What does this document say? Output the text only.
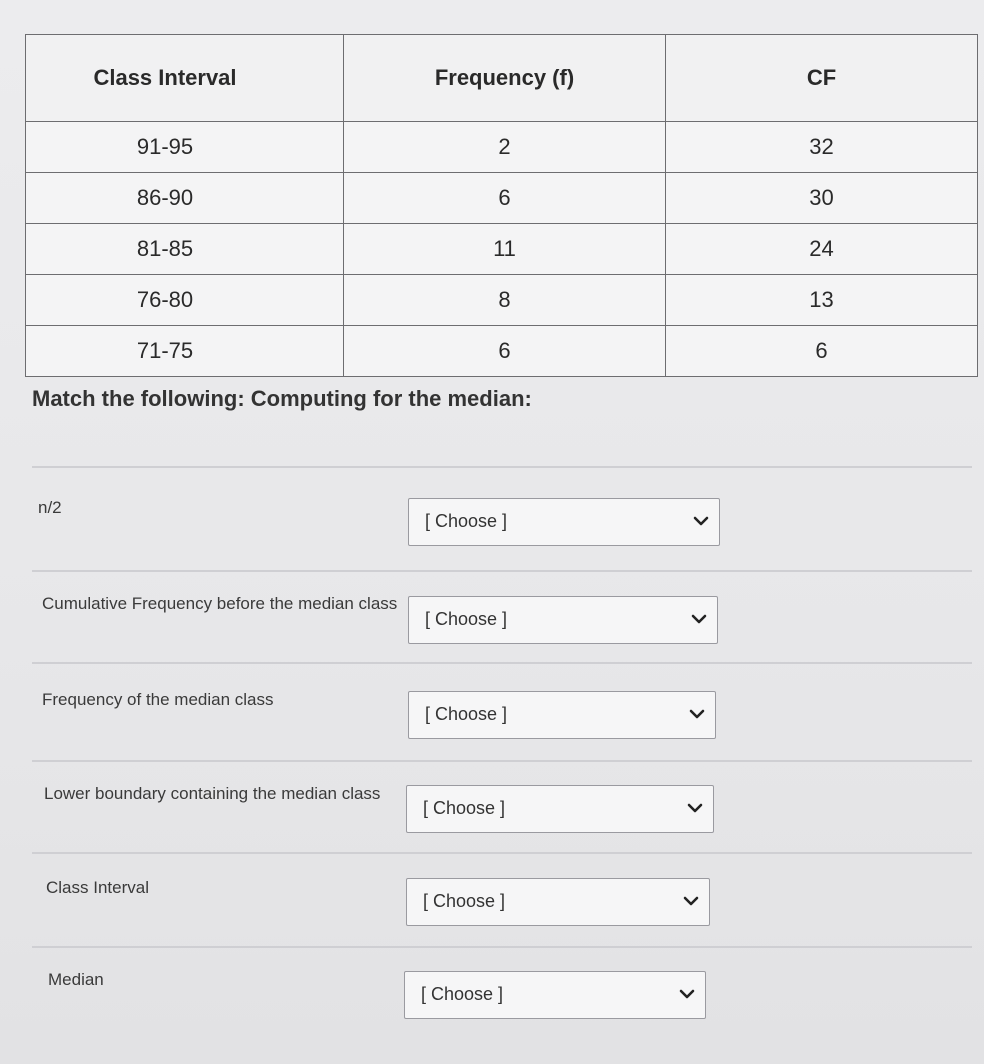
Class Interval	Frequency (f)	CF
91-95	2	32
86-90	6	30
81-85	11	24
76-80	8	13
71-75	6	6
Match the following: Computing for the median:
n/2
[ Choose ]
Cumulative Frequency before the median class
[ Choose ]
Frequency of the median class
[ Choose ]
Lower boundary containing the median class
[ Choose ]
Class Interval
[ Choose ]
Median
[ Choose ]
